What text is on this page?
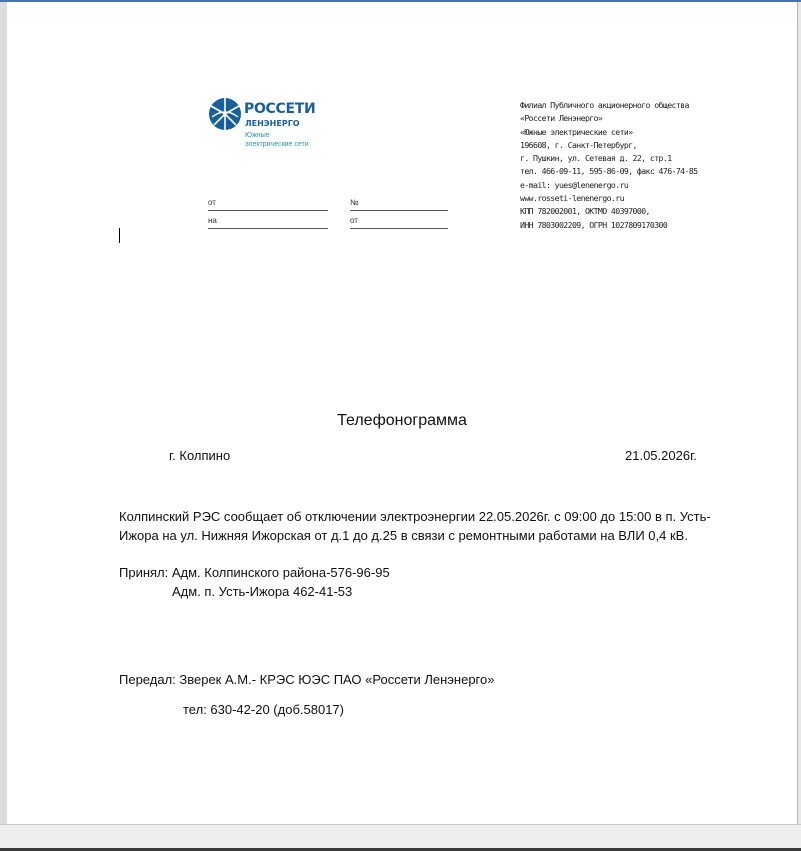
РОССЕТИ
ЛЕНЭНЕРГО
Южные
электрические сети
от	№
на	от
Филиал Публичного акционерного общества
«Россети Ленэнерго»
«Южные электрические сети»
196608, г. Санкт-Петербург,
г. Пушкин, ул. Сетевая д. 22, стр.1
тел. 466-09-11, 595-86-09, факс 476-74-85
e-mail: yues@lenenergo.ru
www.rosseti-lenenergo.ru
КПП 782002001, ОКТМО 40397000,
ИНН 7803002209, ОГРН 1027809170300
Телефонограмма
г. Колпино	21.05.2026г.
Колпинский РЭС сообщает об отключении электроэнергии 22.05.2026г. с 09:00 до 15:00 в п. Усть-Ижора на ул. Нижняя Ижорская от д.1 до д.25 в связи с ремонтными работами на ВЛИ 0,4 кВ.
Принял: Адм. Колпинского района-576-96-95
Адм. п. Усть-Ижора 462-41-53
Передал: Зверек А.М.- КРЭС ЮЭС ПАО «Россети Ленэнерго»
тел: 630-42-20 (доб.58017)
